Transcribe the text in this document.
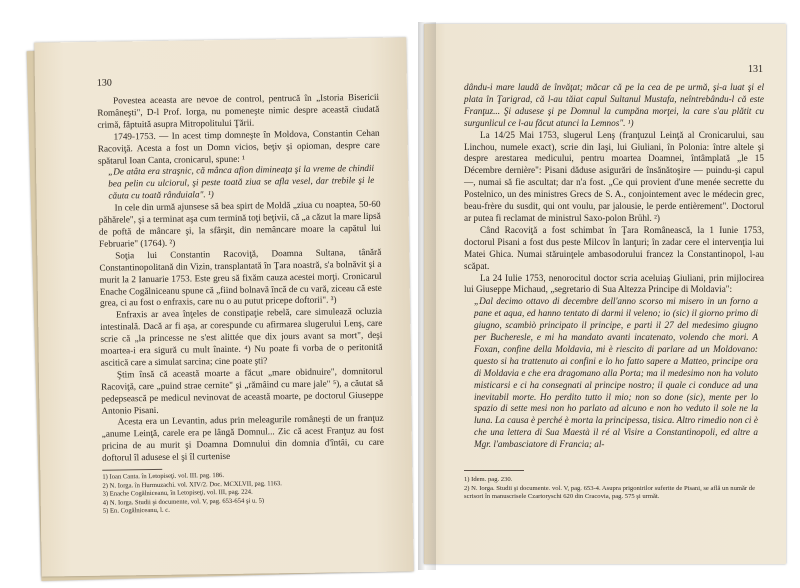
130

Povestea aceasta are nevoe de control, pentrucă în „Istoria Bisericii Româneşti", D-l Prof. Iorga, nu pomeneşte nimic despre această ciudată crimă, făptuită asupra Mitropolitului Ţării.

1749-1753. — In acest timp domneşte în Moldova, Constantin Cehan Racoviţă. Acesta a fost un Domn vicios, beţiv şi opioman, despre care spătarul Ioan Canta, cronicarul, spune: ¹

„De atâta era straşnic, că mânca afion dimineaţa şi la vreme de chindii bea pelin cu ulciorul, şi peste toată ziua se afla vesel, dar trebile şi le căuta cu toată rânduiala". ¹)

In cele din urmă ajunsese să bea spirt de Moldă „ziua cu noaptea, 50-60 păhărele", şi a terminat aşa cum termină toţi beţivii, că „a căzut la mare lipsă de poftă de mâncare şi, la sfârşit, din nemâncare moare la capătul lui Februarie" (1764). ²)

Soţia lui Constantin Racoviţă, Doamna Sultana, tânără Constantinopolitană din Vizin, transplantată în Ţara noastră, s'a bolnăvit şi a murit la 2 Ianuarie 1753. Este greu să fixăm cauza acestei morţi. Cronicarul Enache Cogălniceanu spune că „fiind bolnavă încă de cu vară, ziceau că este grea, ci au fost o enfraxis, care nu o au putut pricepe doftorii". ³)

Enfraxis ar avea înţeles de constipaţie rebelă, care simulează ocluzia intestinală. Dacă ar fi aşa, ar corespunde cu afirmarea slugerului Lenş, care scrie că „la princesse ne s'est alittée que dix jours avant sa mort", deşi moartea-i era sigură cu mult înainte. ⁴) Nu poate fi vorba de o peritonită ascitică care a simulat sarcina; cine poate şti?

Ştim însă că această moarte a făcut „mare obidnuire", domnitorul Racoviţă, care „puind strae cernite" şi „rămâind cu mare jale" ⁵), a căutat să pedepsească pe medicul nevinovat de această moarte, pe doctorul Giuseppe Antonio Pisani.

Acesta era un Levantin, adus prin meleagurile româneşti de un franţuz „anume Leinţă, carele era pe lângă Domnul... Zic că acest Franţuz au fost pricina de au murit şi Doamna Domnului din domnia d'întâi, cu care doftorul îl adusese el şi îl curtenise

1) Ioan Canta. în Letopiseţi. vol. III. pag. 186.
2) N. Iorga. în Hurmuzachi. vol. XIV/2. Doc. MCXLVII, pag. 1163.
3) Enache Cogălniceanu, în Letopiseţi, vol. III, pag. 224.
4) N. Iorga. Studii şi documente, vol. V, pag. 653-654 şi u. 5)
5) En. Cogălniceanu, l. c.
131

dându-i mare laudă de învăţat; măcar că pe la cea de pe urmă, şi-a luat şi el plata în Ţarigrad, că l-au tăiat capul Sultanul Mustafa, neîntrebându-l că este Franţuz... Şi adusese şi pe Domnul la cumpăna morţei, la care s'au plătit cu surgunlicul ce l-au făcut atunci la Lemnos". ¹)

La 14/25 Mai 1753, slugerul Lenş (franţuzul Leinţă al Cronicarului, sau Linchou, numele exact), scrie din Iaşi, lui Giuliani, în Polonia: între altele şi despre arestarea medicului, pentru moartea Doamnei, întâmplată „le 15 Décembre dernière": Pisani dăduse asigurări de însănătoşire — puindu-şi capul —, numai să fie ascultat; dar n'a fost. „Ce qui provient d'une menée secrette du Postelnico, un des ministres Grecs de S. A., conjointement avec le médecin grec, beau-frère du susdit, qui ont voulu, par jalousie, le perde entièrement". Doctorul ar putea fi reclamat de ministrul Saxo-polon Brühl. ²)

Când Racoviţă a fost schimbat în Ţara Românească, la 1 Iunie 1753, doctorul Pisani a fost dus peste Milcov în lanţuri; în zadar cere el intervenţia lui Matei Ghica. Numai stăruinţele ambasodorului francez la Constantinopol, l-au scăpat.

La 24 Iulie 1753, nenorocitul doctor scria aceluiaş Giuliani, prin mijlocirea lui Giuseppe Michaud, „segretario di Sua Altezza Principe di Moldavia":

„Dal decimo ottavo di decembre dell'anno scorso mi misero in un forno a pane et aqua, ed hanno tentato di darmi il veleno; io (sic) il giorno primo di giugno, scambiò principato il principe, e parti il 27 del medesimo giugno per Bucheresle, e mi ha mandato avanti incatenato, volendo che mori. A Foxan, confine della Moldavia, mi è riescito di parlare ad un Moldovano: questo si ha trattenuto ai confini e lo ho fatto sapere a Matteo, principe ora di Moldavia e che era dragomano alla Porta; ma il medesimo non ha voluto misticarsi e ci ha consegnati al principe nostro; il quale ci conduce ad una inevitabil morte. Ho perdito tutto il mio; non so done (sic), mente per lo spazio di sette mesi non ho parlato ad alcuno e non ho veduto il sole ne la luna. La causa è perché è morta la principessa, tisica. Altro rimedio non ci è che una lettera di Sua Maestà il ré al Visire a Constantinopoli, ed altre a Mgr. l'ambasciatore di Francia; al-

1) Idem. pag. 230.
2) N. Iorga. Studii şi documente. vol. V, pag. 653-4. Asupra prigonirilor suferite de Pisani, se află un număr de scrisori în manuscrisele Czartoryschi 620 din Cracovia, pag. 575 şi următ.
